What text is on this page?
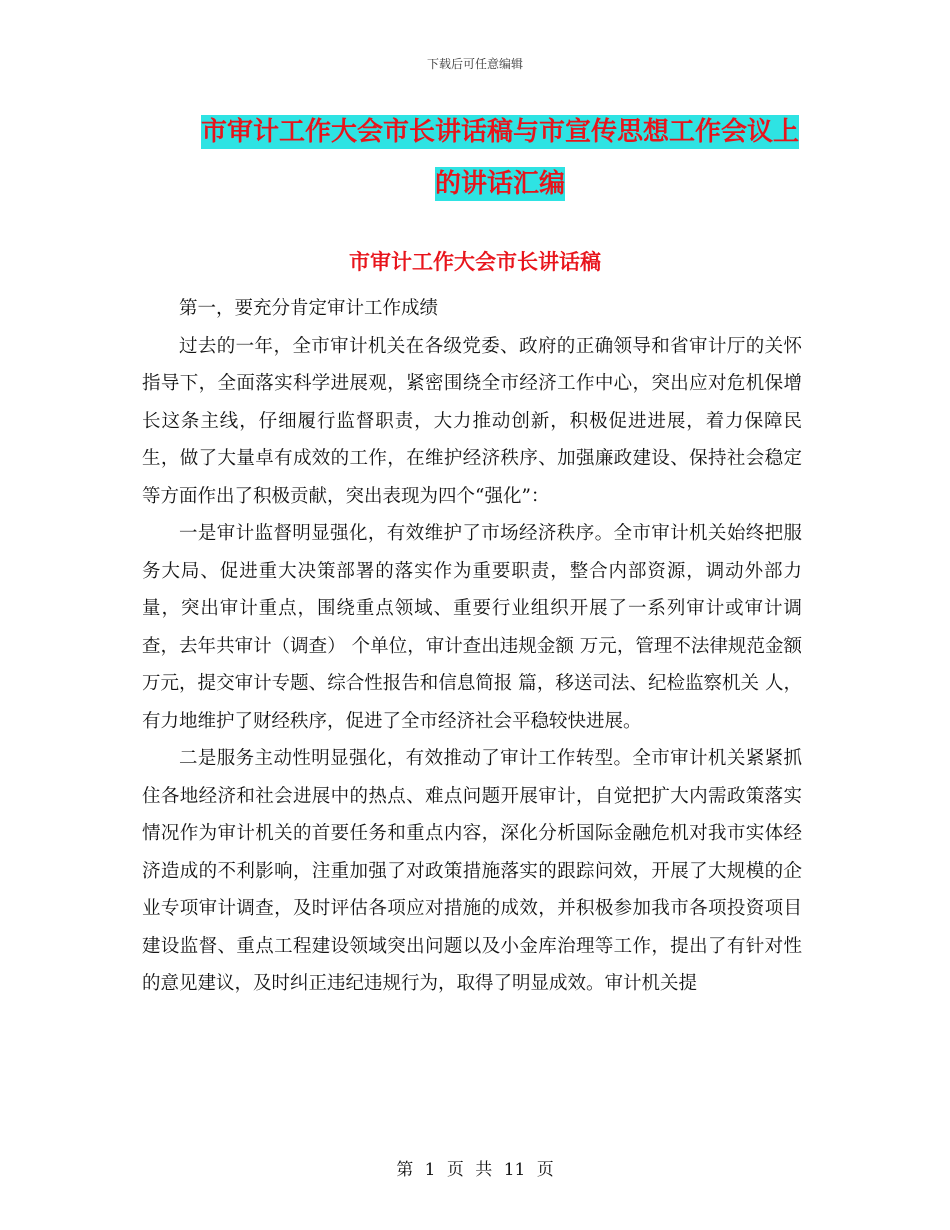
下载后可任意编辑
市审计工作大会市长讲话稿与市宣传思想工作会议上
的讲话汇编
市审计工作大会市长讲话稿

第一，要充分肯定审计工作成绩

过去的一年，全市审计机关在各级党委、政府的正确领导和省审计厅的关怀指导下，全面落实科学进展观，紧密围绕全市经济工作中心，突出应对危机保增长这条主线，仔细履行监督职责，大力推动创新，积极促进进展，着力保障民生，做了大量卓有成效的工作，在维护经济秩序、加强廉政建设、保持社会稳定等方面作出了积极贡献，突出表现为四个“强化”：

一是审计监督明显强化，有效维护了市场经济秩序。全市审计机关始终把服务大局、促进重大决策部署的落实作为重要职责，整合内部资源，调动外部力量，突出审计重点，围绕重点领域、重要行业组织开展了一系列审计或审计调查，去年共审计（调查） 个单位，审计查出违规金额 万元，管理不法律规范金额 万元，提交审计专题、综合性报告和信息简报 篇，移送司法、纪检监察机关 人，有力地维护了财经秩序，促进了全市经济社会平稳较快进展。

二是服务主动性明显强化，有效推动了审计工作转型。全市审计机关紧紧抓住各地经济和社会进展中的热点、难点问题开展审计，自觉把扩大内需政策落实情况作为审计机关的首要任务和重点内容，深化分析国际金融危机对我市实体经济造成的不利影响，注重加强了对政策措施落实的跟踪问效，开展了大规模的企业专项审计调查，及时评估各项应对措施的成效，并积极参加我市各项投资项目建设监督、重点工程建设领域突出问题以及小金库治理等工作，提出了有针对性的意见建议，及时纠正违纪违规行为，取得了明显成效。审计机关提

第 1 页 共 11 页
